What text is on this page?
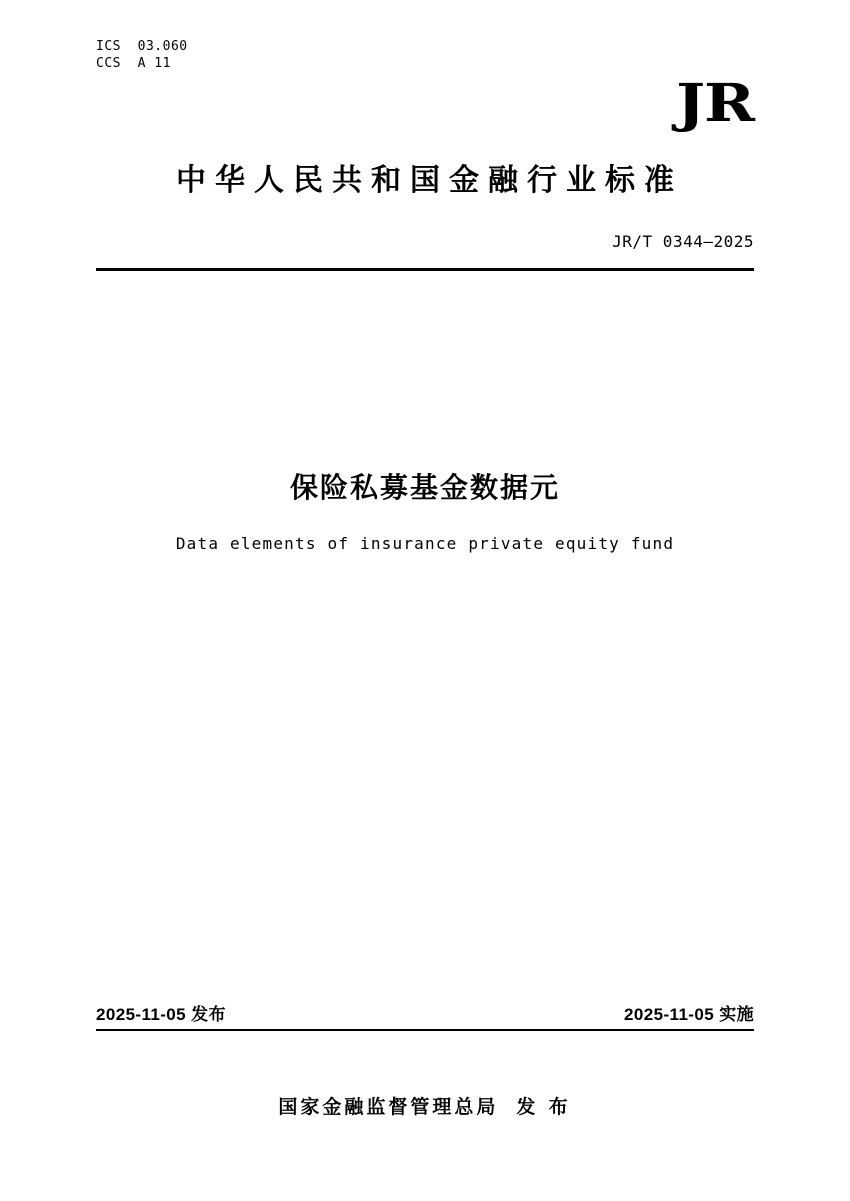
ICS  03.060
CCS  A 11
JR
中华人民共和国金融行业标准
JR/T 0344—2025
保险私募基金数据元
Data elements of insurance private equity fund
2025-11-05 发布	2025-11-05 实施
国家金融监督管理总局 发 布
